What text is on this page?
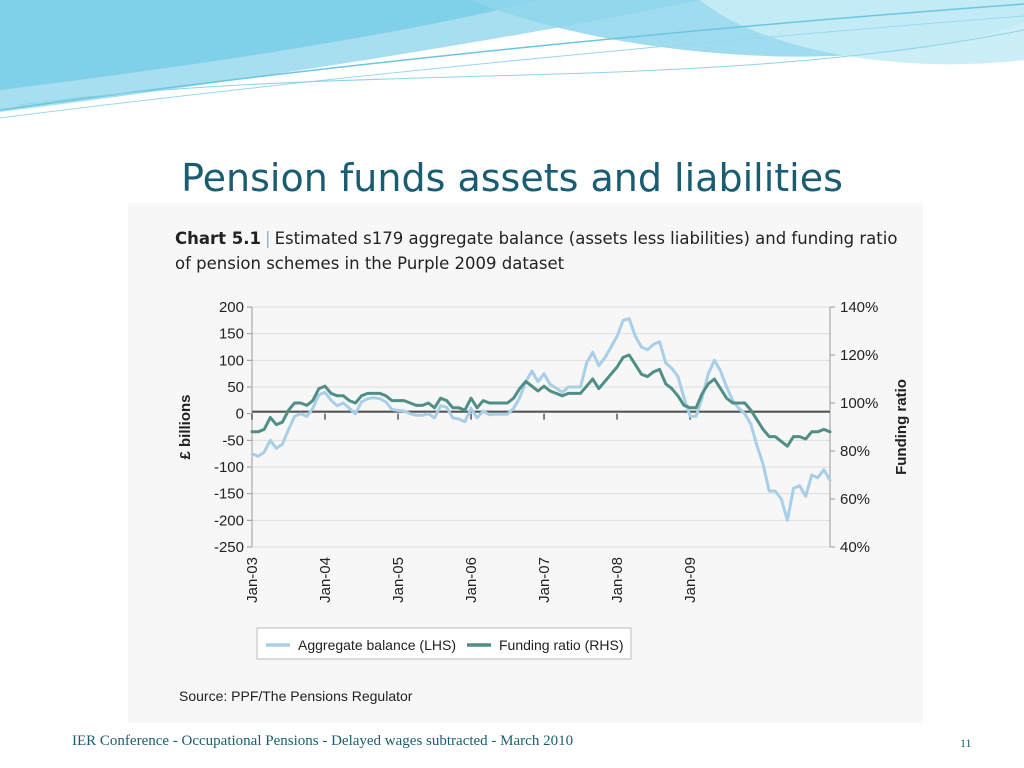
Pension funds assets and liabilities
Chart 5.1 | Estimated s179 aggregate balance (assets less liabilities) and funding ratio of pension schemes in the Purple 2009 dataset
200
150
100
50
0
-50
-100
-150
-200
-250
140%
120%
100%
80%
60%
40%
Jan-03	Jan-04	Jan-05	Jan-06	Jan-07	Jan-08	Jan-09
£ billions	Funding ratio
Aggregate balance (LHS)	Funding ratio (RHS)
Source: PPF/The Pensions Regulator
IER Conference - Occupational Pensions - Delayed wages subtracted - March 2010	11
